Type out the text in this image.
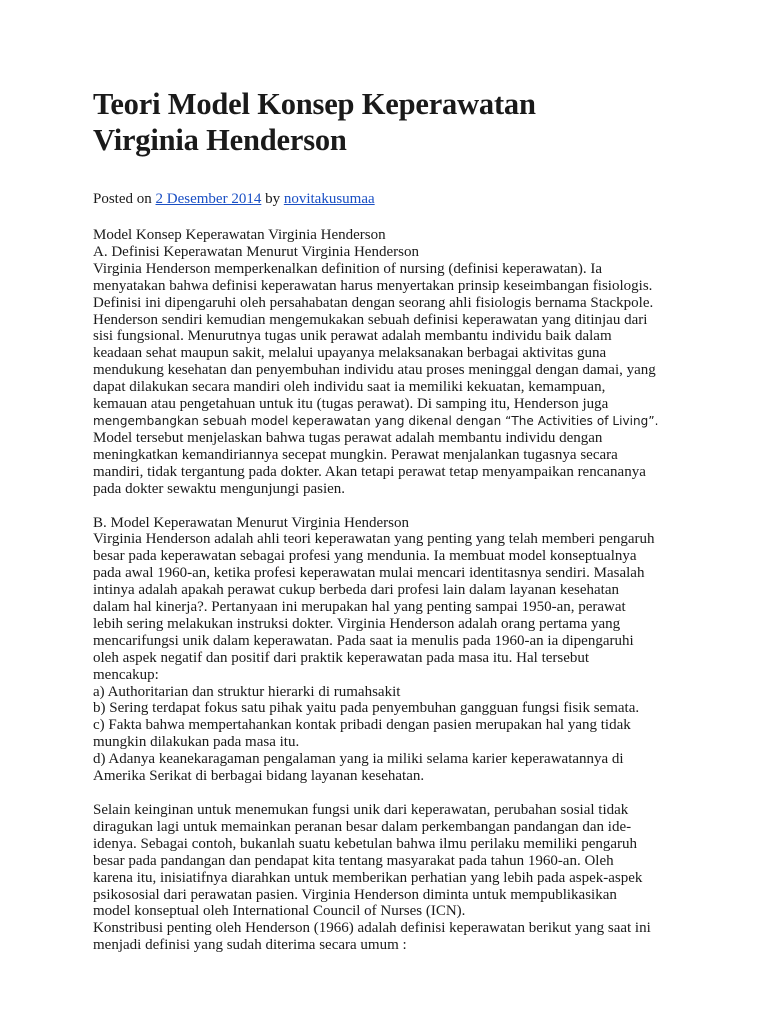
Teori Model Konsep Keperawatan
Virginia Henderson
Posted on 2 Desember 2014 by novitakusumaa
Model Konsep Keperawatan Virginia Henderson
A. Definisi Keperawatan Menurut Virginia Henderson
Virginia Henderson memperkenalkan definition of nursing (definisi keperawatan). Ia
menyatakan bahwa definisi keperawatan harus menyertakan prinsip keseimbangan fisiologis.
Definisi ini dipengaruhi oleh persahabatan dengan seorang ahli fisiologis bernama Stackpole.
Henderson sendiri kemudian mengemukakan sebuah definisi keperawatan yang ditinjau dari
sisi fungsional. Menurutnya tugas unik perawat adalah membantu individu baik dalam
keadaan sehat maupun sakit, melalui upayanya melaksanakan berbagai aktivitas guna
mendukung kesehatan dan penyembuhan individu atau proses meninggal dengan damai, yang
dapat dilakukan secara mandiri oleh individu saat ia memiliki kekuatan, kemampuan,
kemauan atau pengetahuan untuk itu (tugas perawat). Di samping itu, Henderson juga
mengembangkan sebuah model keperawatan yang dikenal dengan “The Activities of Living”.
Model tersebut menjelaskan bahwa tugas perawat adalah membantu individu dengan
meningkatkan kemandiriannya secepat mungkin. Perawat menjalankan tugasnya secara
mandiri, tidak tergantung pada dokter. Akan tetapi perawat tetap menyampaikan rencananya
pada dokter sewaktu mengunjungi pasien.
B. Model Keperawatan Menurut Virginia Henderson
Virginia Henderson adalah ahli teori keperawatan yang penting yang telah memberi pengaruh
besar pada keperawatan sebagai profesi yang mendunia. Ia membuat model konseptualnya
pada awal 1960-an, ketika profesi keperawatan mulai mencari identitasnya sendiri. Masalah
intinya adalah apakah perawat cukup berbeda dari profesi lain dalam layanan kesehatan
dalam hal kinerja?. Pertanyaan ini merupakan hal yang penting sampai 1950-an, perawat
lebih sering melakukan instruksi dokter. Virginia Henderson adalah orang pertama yang
mencarifungsi unik dalam keperawatan. Pada saat ia menulis pada 1960-an ia dipengaruhi
oleh aspek negatif dan positif dari praktik keperawatan pada masa itu. Hal tersebut
mencakup:
a) Authoritarian dan struktur hierarki di rumahsakit
b) Sering terdapat fokus satu pihak yaitu pada penyembuhan gangguan fungsi fisik semata.
c) Fakta bahwa mempertahankan kontak pribadi dengan pasien merupakan hal yang tidak
mungkin dilakukan pada masa itu.
d) Adanya keanekaragaman pengalaman yang ia miliki selama karier keperawatannya di
Amerika Serikat di berbagai bidang layanan kesehatan.
Selain keinginan untuk menemukan fungsi unik dari keperawatan, perubahan sosial tidak
diragukan lagi untuk memainkan peranan besar dalam perkembangan pandangan dan ide-
idenya. Sebagai contoh, bukanlah suatu kebetulan bahwa ilmu perilaku memiliki pengaruh
besar pada pandangan dan pendapat kita tentang masyarakat pada tahun 1960-an. Oleh
karena itu, inisiatifnya diarahkan untuk memberikan perhatian yang lebih pada aspek-aspek
psikososial dari perawatan pasien. Virginia Henderson diminta untuk mempublikasikan
model konseptual oleh International Council of Nurses (ICN).
Konstribusi penting oleh Henderson (1966) adalah definisi keperawatan berikut yang saat ini
menjadi definisi yang sudah diterima secara umum :
